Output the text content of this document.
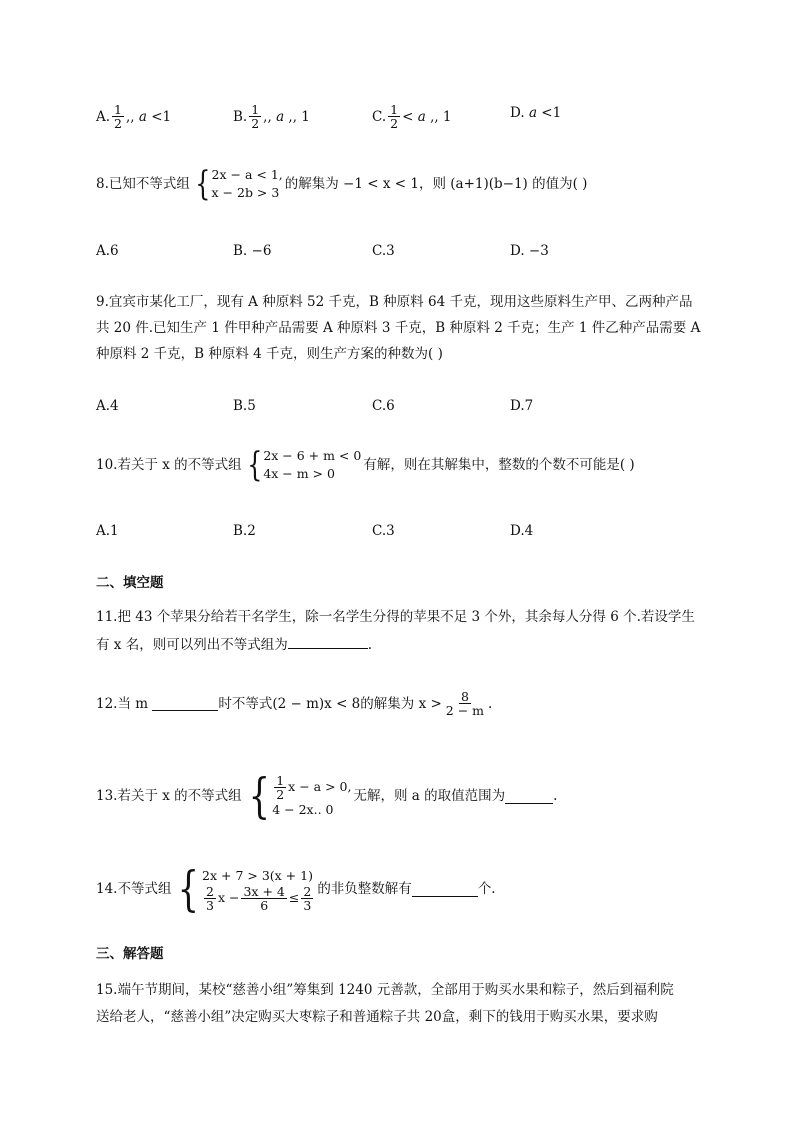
A. $\frac{1}{2}$ ,,
a
<1	B. $\frac{1}{2}$ ,,
a
,, 1	C. $\frac{1}{2}$ <
a
,, 1	D.
a
<1
8.已知不等式组 { 2x − a < 1,
x − 2b > 3
的解集为 −1 < x < 1，则
(a+1)(b−1)
的值为( )
A.6	B. −6	C.3	D. −3
9.宜宾市某化工厂，现有 A 种原料 52 千克，B 种原料 64 千克，现用这些原料生产甲、乙两种产品
共 20 件.已知生产 1 件甲种产品需要 A 种原料 3 千克，B 种原料 2 千克；生产 1 件乙种产品需要 A
种原料 2 千克，B 种原料 4 千克，则生产方案的种数为( )
A.4	B.5	C.6	D.7
10.若关于 x 的不等式组 { 2x − 6 + m < 0
4x − m > 0
有解，则在其解集中，整数的个数不可能是( )
A.1	B.2	C.3	D.4
二、填空题
11.把 43 个苹果分给若干名学生，除一名学生分得的苹果不足 3 个外，其余每人分得 6 个.若设学生
有 x 名，则可以列出不等式组为	.
12.当 m
	时不等式 (2 − m)x < 8 的解集为 $x > \frac{8}{2 - m}$ .
13.若关于 x 的不等式组 { $\frac{1}{2}$ x − a > 0,
4 − 2x.. 0
无解，则 a 的取值范围为	.
14.不等式组 { 2x + 7 > 3(x + 1)
$\frac{2}{3}$ $x - \frac{3x + 4}{6} \le \frac{2}{3}$ 的非负整数解有	个.
三、解答题
15.端午节期间，某校“慈善小组”筹集到 1240 元善款，全部用于购买水果和粽子，然后到福利院
送给老人，“慈善小组”决定购买大枣粽子和普通粽子共 20盒，剩下的钱用于购买水果，要求购
